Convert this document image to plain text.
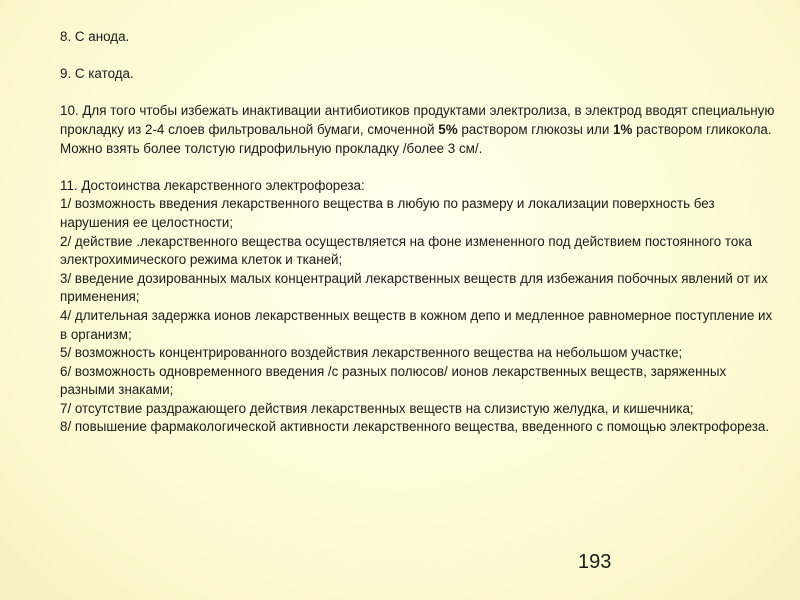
8. С анода.

9. С катода.

10. Для того чтобы избежать инактивации антибиотиков продуктами электролиза, в электрод вводят специальную прокладку из 2-4 слоев фильтровальной бумаги, смоченной 5% раствором глюкозы или 1% раствором гликокола. Можно взять более толстую гидрофильную прокладку /более 3 см/.

11. Достоинства лекарственного электрофореза:

1/ возможность введения лекарственного вещества в любую по размеру и локализации поверхность без нарушения ее целостности;

2/ действие .лекарственного вещества осуществляется на фоне измененного под действием постоянного тока электрохимического режима клеток и тканей;

3/ введение дозированных малых концентраций лекарственных веществ для избежания побочных явлений от их применения;

4/ длительная задержка ионов лекарственных веществ в кожном депо и медленное равномерное поступление их в организм;

5/ возможность концентрированного воздействия лекарственного вещества на небольшом участке;

6/ возможность одновременного введения /с разных полюсов/ ионов лекарственных веществ, заряженных разными знаками;

7/ отсутствие раздражающего действия лекарственных веществ на слизистую желудка, и кишечника;

8/ повышение фармакологической активности лекарственного вещества, введенного с помощью электрофореза.

193
